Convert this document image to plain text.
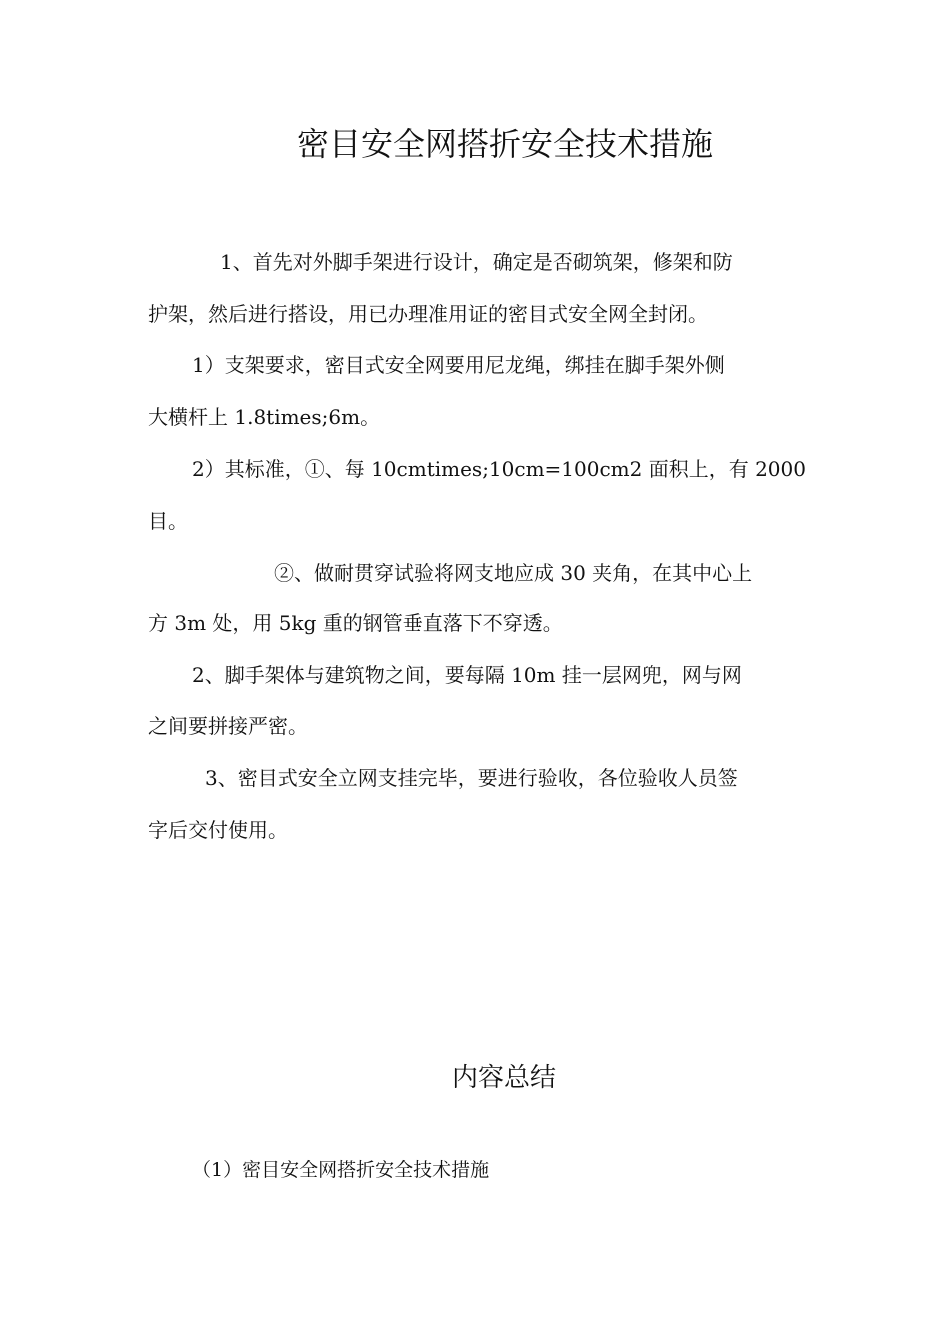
密目安全网搭折安全技术措施
1、首先对外脚手架进行设计，确定是否砌筑架，修架和防
护架，然后进行搭设，用已办理准用证的密目式安全网全封闭。
1）支架要求，密目式安全网要用尼龙绳，绑挂在脚手架外侧
大横杆上 1.8times;6m。
2）其标准，①、每 10cmtimes;10cm=100cm2 面积上，有 2000
目。
②、做耐贯穿试验将网支地应成 30 夹角，在其中心上
方 3m 处，用 5kg 重的钢管垂直落下不穿透。
2、脚手架体与建筑物之间，要每隔 10m 挂一层网兜，网与网
之间要拼接严密。
3、密目式安全立网支挂完毕，要进行验收，各位验收人员签
字后交付使用。
内容总结
（1）密目安全网搭折安全技术措施
